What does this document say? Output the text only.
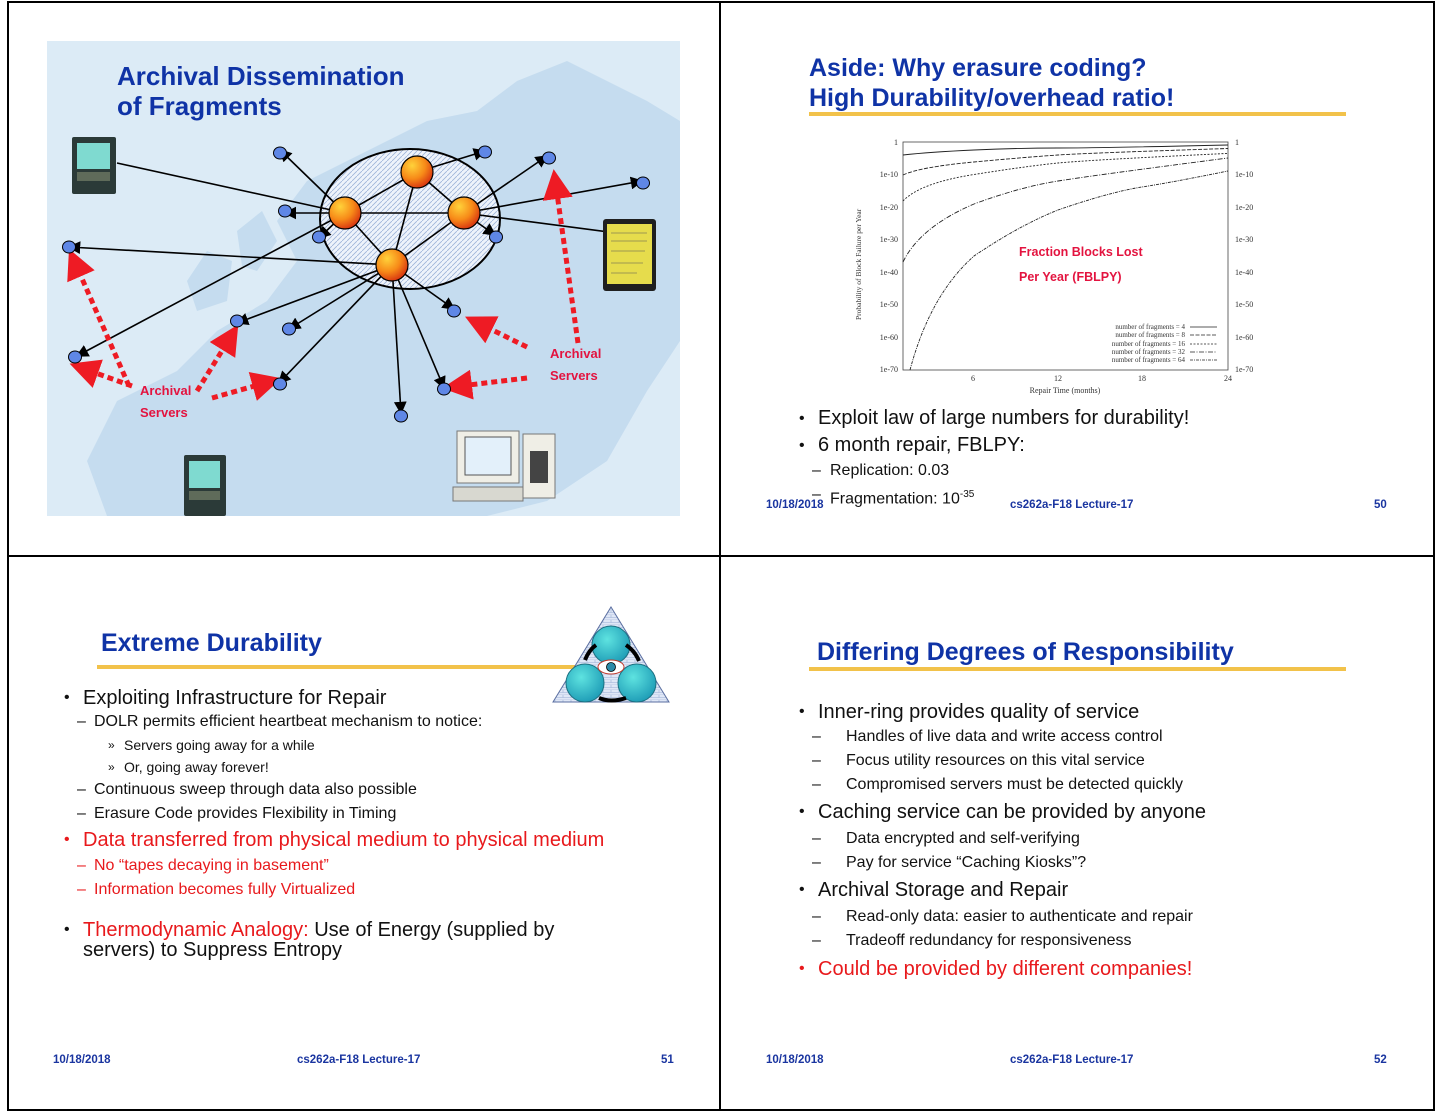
Archival Dissemination
of Fragments
Archival
Servers
Archival
Servers
Aside: Why erasure coding?
High Durability/overhead ratio!
1
1e-10
1e-20
1e-30
1e-40
1e-50
1e-60
1e-70
1
1e-10
1e-20
1e-30
1e-40
1e-50
1e-60
1e-70
6	12	18	24
Repair Time (months)
Probability of Block Failure per Year
number of fragments = 4
number of fragments = 8
number of fragments = 16
number of fragments = 32
number of fragments = 64
Fraction Blocks Lost
Per Year (FBLPY)
• Exploit law of large numbers for durability!
• 6 month repair, FBLPY:
– Replication: 0.03
– Fragmentation: $10^{-35}$
10/18/2018	cs262a-F18 Lecture-17	50
Extreme Durability
• Exploiting Infrastructure for Repair
– DOLR permits efficient heartbeat mechanism to notice:
» Servers going away for a while
» Or, going away forever!
– Continuous sweep through data also possible
– Erasure Code provides Flexibility in Timing
• Data transferred from physical medium to physical medium
– No “tapes decaying in basement”
– Information becomes fully Virtualized
• Thermodynamic Analogy: Use of Energy (supplied by servers) to Suppress Entropy
10/18/2018	cs262a-F18 Lecture-17	51
Differing Degrees of Responsibility
• Inner-ring provides quality of service
– Handles of live data and write access control
– Focus utility resources on this vital service
– Compromised servers must be detected quickly
• Caching service can be provided by anyone
– Data encrypted and self-verifying
– Pay for service “Caching Kiosks”?
• Archival Storage and Repair
– Read-only data: easier to authenticate and repair
– Tradeoff redundancy for responsiveness
• Could be provided by different companies!
10/18/2018	cs262a-F18 Lecture-17	52
